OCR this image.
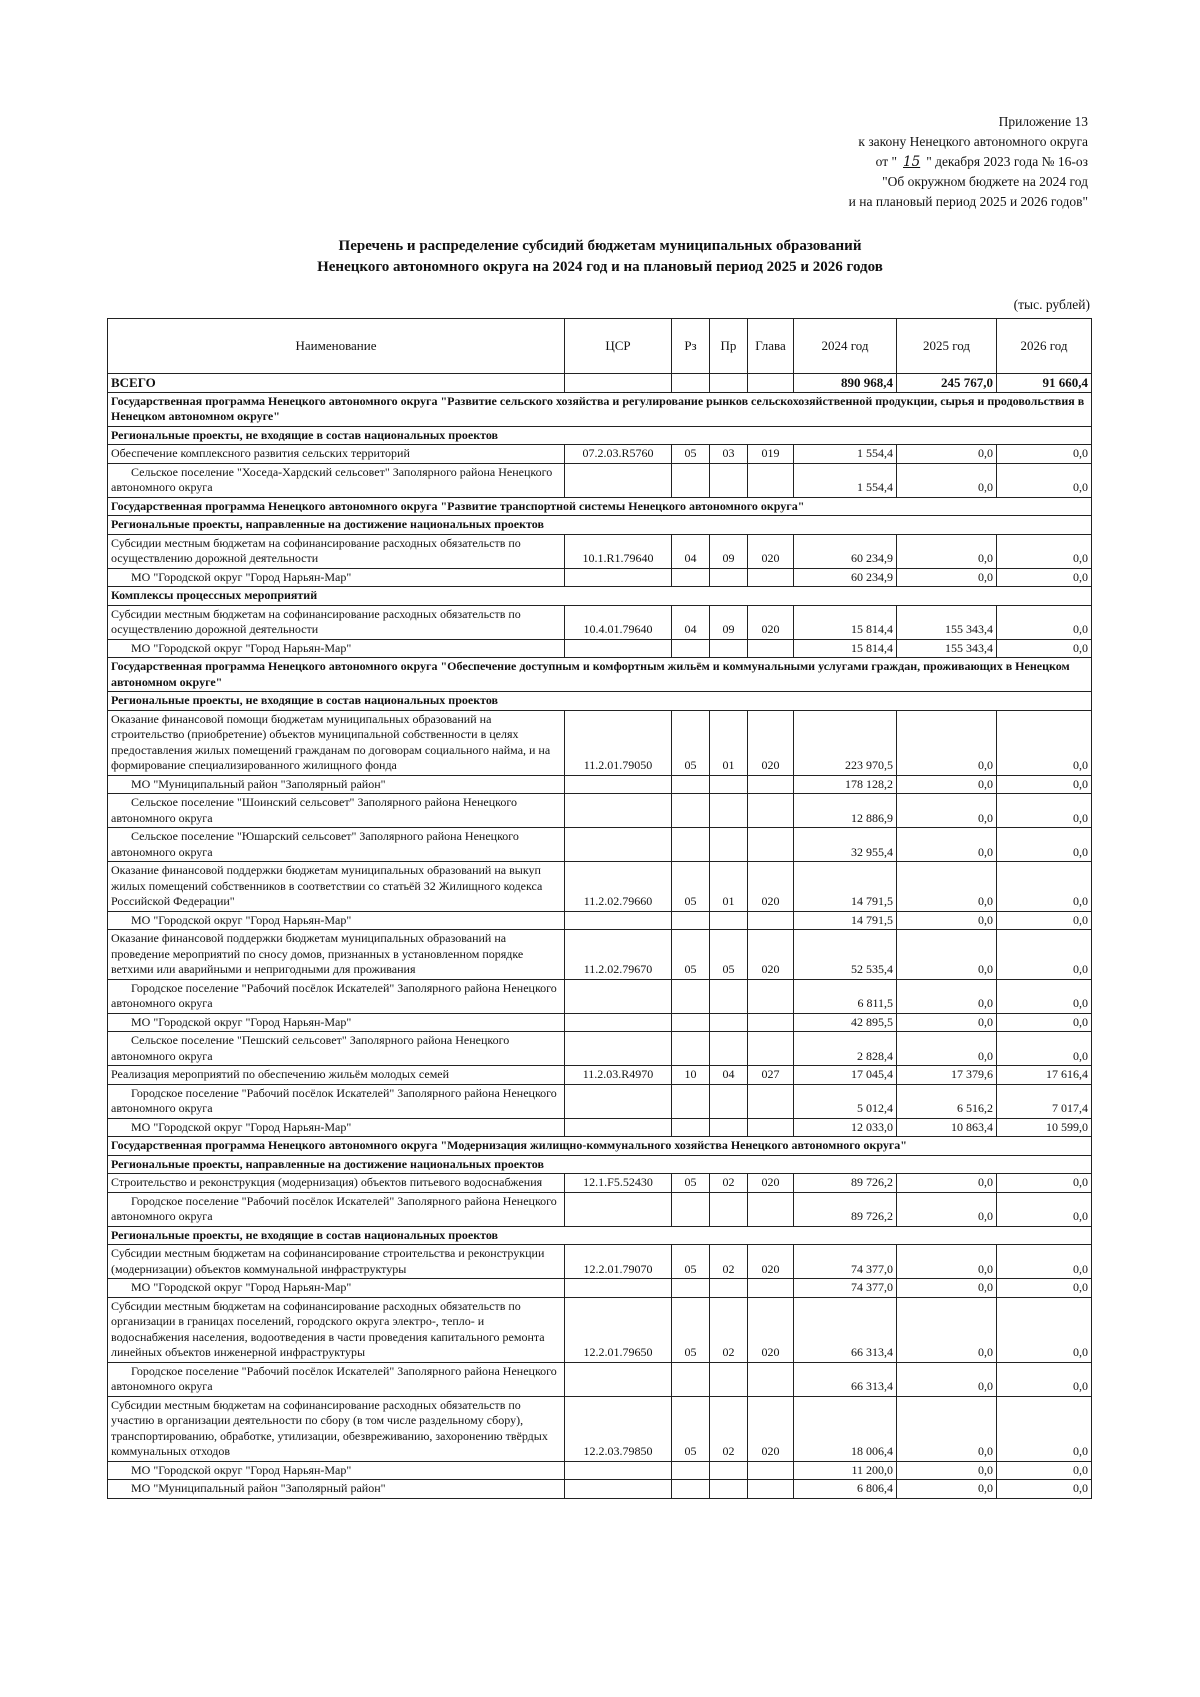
Приложение 13
к закону Ненецкого автономного округа
от " 15 " декабря 2023 года № 16-оз
"Об окружном бюджете на 2024 год
и на плановый период 2025 и 2026 годов"
Перечень и распределение субсидий бюджетам муниципальных образований
Ненецкого автономного округа на 2024 год и на плановый период 2025 и 2026 годов
(тыс. рублей)
Наименование	ЦСР	Рз	Пр	Глава	2024 год	2025 год	2026 год
ВСЕГО					890 968,4	245 767,0	91 660,4
Государственная программа Ненецкого автономного округа "Развитие сельского хозяйства и регулирование рынков сельскохозяйственной продукции, сырья и продовольствия в Ненецком автономном округе"							
Региональные проекты, не входящие в состав национальных проектов							
Обеспечение комплексного развития сельских территорий	07.2.03.R5760	05	03	019	1 554,4	0,0	0,0
Сельское поселение "Хоседа-Хардский сельсовет" Заполярного района Ненецкого автономного округа					1 554,4	0,0	0,0
Государственная программа Ненецкого автономного округа "Развитие транспортной системы Ненецкого автономного округа"							
Региональные проекты, направленные на достижение национальных проектов							
Субсидии местным бюджетам на софинансирование расходных обязательств по осуществлению дорожной деятельности	10.1.R1.79640	04	09	020	60 234,9	0,0	0,0
МО "Городской округ "Город Нарьян-Мар"					60 234,9	0,0	0,0
Комплексы процессных мероприятий							
Субсидии местным бюджетам на софинансирование расходных обязательств по осуществлению дорожной деятельности	10.4.01.79640	04	09	020	15 814,4	155 343,4	0,0
МО "Городской округ "Город Нарьян-Мар"					15 814,4	155 343,4	0,0
Государственная программа Ненецкого автономного округа "Обеспечение доступным и комфортным жильём и коммунальными услугами граждан, проживающих в Ненецком автономном округе"							
Региональные проекты, не входящие в состав национальных проектов							
Оказание финансовой помощи бюджетам муниципальных образований на строительство (приобретение) объектов муниципальной собственности в целях предоставления жилых помещений гражданам по договорам социального найма, и на формирование специализированного жилищного фонда	11.2.01.79050	05	01	020	223 970,5	0,0	0,0
МО "Муниципальный район "Заполярный район"					178 128,2	0,0	0,0
Сельское поселение "Шоинский сельсовет" Заполярного района Ненецкого автономного округа					12 886,9	0,0	0,0
Сельское поселение "Юшарский сельсовет" Заполярного района Ненецкого автономного округа					32 955,4	0,0	0,0
Оказание финансовой поддержки бюджетам муниципальных образований на выкуп жилых помещений собственников в соответствии со статьёй 32 Жилищного кодекса Российской Федерации"	11.2.02.79660	05	01	020	14 791,5	0,0	0,0
МО "Городской округ "Город Нарьян-Мар"					14 791,5	0,0	0,0
Оказание финансовой поддержки бюджетам муниципальных образований на проведение мероприятий по сносу домов, признанных в установленном порядке ветхими или аварийными и непригодными для проживания	11.2.02.79670	05	05	020	52 535,4	0,0	0,0
Городское поселение "Рабочий посёлок Искателей" Заполярного района Ненецкого автономного округа					6 811,5	0,0	0,0
МО "Городской округ "Город Нарьян-Мар"					42 895,5	0,0	0,0
Сельское поселение "Пешский сельсовет" Заполярного района Ненецкого автономного округа					2 828,4	0,0	0,0
Реализация мероприятий по обеспечению жильём молодых семей	11.2.03.R4970	10	04	027	17 045,4	17 379,6	17 616,4
Городское поселение "Рабочий посёлок Искателей" Заполярного района Ненецкого автономного округа					5 012,4	6 516,2	7 017,4
МО "Городской округ "Город Нарьян-Мар"					12 033,0	10 863,4	10 599,0
Государственная программа Ненецкого автономного округа "Модернизация жилищно-коммунального хозяйства Ненецкого автономного округа"							
Региональные проекты, направленные на достижение национальных проектов							
Строительство и реконструкция (модернизация) объектов питьевого водоснабжения	12.1.F5.52430	05	02	020	89 726,2	0,0	0,0
Городское поселение "Рабочий посёлок Искателей" Заполярного района Ненецкого автономного округа					89 726,2	0,0	0,0
Региональные проекты, не входящие в состав национальных проектов							
Субсидии местным бюджетам на софинансирование строительства и реконструкции (модернизации) объектов коммунальной инфраструктуры	12.2.01.79070	05	02	020	74 377,0	0,0	0,0
МО "Городской округ "Город Нарьян-Мар"					74 377,0	0,0	0,0
Субсидии местным бюджетам на софинансирование расходных обязательств по организации в границах поселений, городского округа электро-, тепло- и водоснабжения населения, водоотведения в части проведения капитального ремонта линейных объектов инженерной инфраструктуры	12.2.01.79650	05	02	020	66 313,4	0,0	0,0
Городское поселение "Рабочий посёлок Искателей" Заполярного района Ненецкого автономного округа					66 313,4	0,0	0,0
Субсидии местным бюджетам на софинансирование расходных обязательств по участию в организации деятельности по сбору (в том числе раздельному сбору), транспортированию, обработке, утилизации, обезвреживанию, захоронению твёрдых коммунальных отходов	12.2.03.79850	05	02	020	18 006,4	0,0	0,0
МО "Городской округ "Город Нарьян-Мар"					11 200,0	0,0	0,0
МО "Муниципальный район "Заполярный район"					6 806,4	0,0	0,0
